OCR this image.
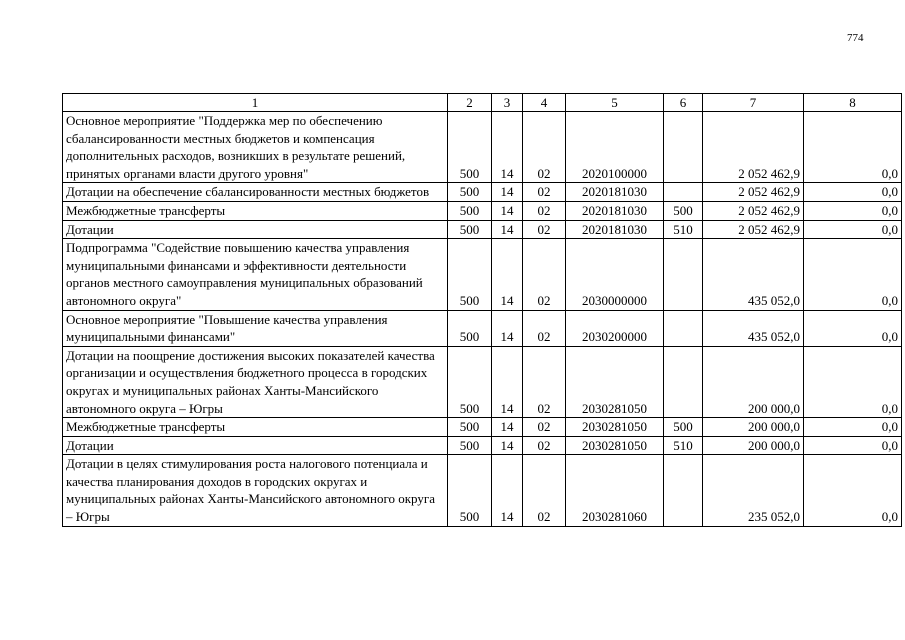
774
1	2	3	4	5	6	7	8
Основное мероприятие "Поддержка мер по обеспечению сбалансированности местных бюджетов и компенсация дополнительных расходов, возникших в результате решений, принятых органами власти другого уровня"	500	14	02	2020100000		2 052 462,9	0,0
Дотации на обеспечение сбалансированности местных бюджетов	500	14	02	2020181030		2 052 462,9	0,0
Межбюджетные трансферты	500	14	02	2020181030	500	2 052 462,9	0,0
Дотации	500	14	02	2020181030	510	2 052 462,9	0,0
Подпрограмма "Содействие повышению качества управления муниципальными финансами и эффективности деятельности органов местного самоуправления муниципальных образований автономного округа"	500	14	02	2030000000		435 052,0	0,0
Основное мероприятие "Повышение качества управления муниципальными финансами"	500	14	02	2030200000		435 052,0	0,0
Дотации на поощрение достижения высоких показателей качества организации и осуществления бюджетного процесса в городских округах и муниципальных районах Ханты-Мансийского автономного округа – Югры	500	14	02	2030281050		200 000,0	0,0
Межбюджетные трансферты	500	14	02	2030281050	500	200 000,0	0,0
Дотации	500	14	02	2030281050	510	200 000,0	0,0
Дотации в целях стимулирования роста налогового потенциала и качества планирования доходов в городских округах и муниципальных районах Ханты-Мансийского автономного округа – Югры	500	14	02	2030281060		235 052,0	0,0
